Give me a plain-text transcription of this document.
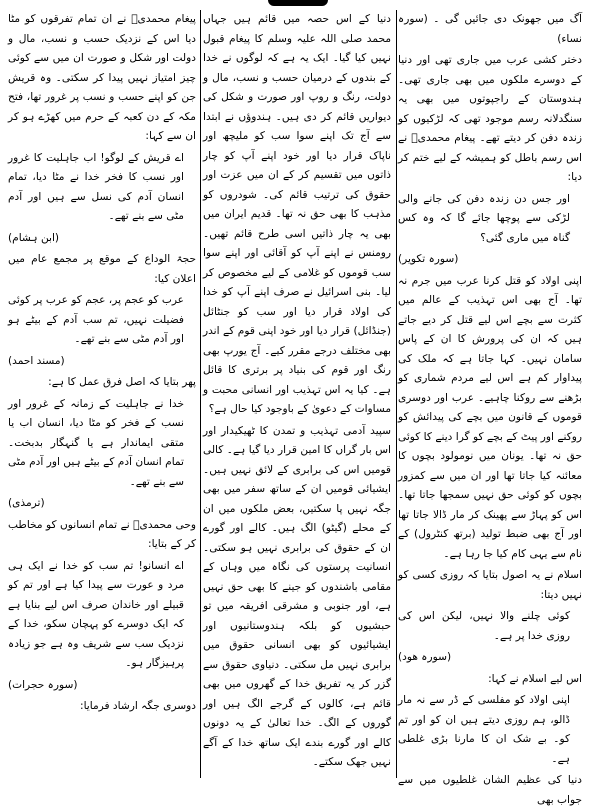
آگ میں جھونک دی جائیں گی ۔ (سورہ نساء)

دختر کشی عرب میں جاری تھی اور دنیا کے دوسرے ملکوں میں بھی جاری تھی۔ ہندوستان کے راجپوتوں میں بھی یہ سنگدلانہ رسم موجود تھی کہ لڑکیوں کو زندہ دفن کر دیتے تھے۔ پیغام محمدیؐ نے اس رسم باطل کو ہمیشہ کے لیے ختم کر دیا:

اور جس دن زندہ دفن کی جانے والی لڑکی سے پوچھا جائے گا کہ وہ کس گناہ میں ماری گئی؟

(سورہ تکویر)

اپنی اولاد کو قتل کرنا عرب میں جرم نہ تھا۔ آج بھی اس تہذیب کے عالم میں کثرت سے بچے اس لیے قتل کر دیے جاتے ہیں کہ ان کی پرورش کا ان کے پاس سامان نہیں۔ کہا جاتا ہے کہ ملک کی پیداوار کم ہے اس لیے مردم شماری کو بڑھنے سے روکنا چاہیے۔ عرب اور دوسری قوموں کے قانون میں بچے کی پیدائش کو روکنے اور پیٹ کے بچے کو گرا دینے کا کوئی حق نہ تھا۔ یونان میں نومولود بچوں کا معائنہ کیا جاتا تھا اور ان میں سے کمزور بچوں کو کوئی حق نہیں سمجھا جاتا تھا۔ اس کو پہاڑ سے پھینک کر مار ڈالا جاتا تھا اور آج بھی ضبط تولید (برتھ کنٹرول) کے نام سے یہی کام کیا جا رہا ہے۔

اسلام نے یہ اصول بتایا کہ روزی کسی کو نہیں دیتا:

کوئی چلنے والا نہیں، لیکن اس کی روزی خدا پر ہے۔

(سورہ ھود)

اس لیے اسلام نے کہا:

اپنی اولاد کو مفلسی کے ڈر سے نہ مار ڈالو، ہم روزی دیتے ہیں ان کو اور تم کو۔ بے شک ان کا مارنا بڑی غلطی ہے۔

دنیا کی عظیم الشان غلطیوں میں سے جواب بھی

دنیا کے اس حصہ میں قائم ہیں جہاں محمد صلی اللہ علیہ وسلم کا پیغام قبول نہیں کیا گیا۔ ایک یہ ہے کہ لوگوں نے خدا کے بندوں کے درمیان حسب و نسب، مال و دولت، رنگ و روپ اور صورت و شکل کی دیواریں قائم کر دی ہیں۔ ہندوؤں نے ابتدا سے آج تک اپنے سوا سب کو ملیچھ اور ناپاک قرار دیا اور خود اپنے آپ کو چار ذاتوں میں تقسیم کر کے ان میں عزت اور حقوق کی ترتیب قائم کی۔ شودروں کو مذہب کا بھی حق نہ تھا۔ قدیم ایران میں بھی یہ چار ذاتیں اسی طرح قائم تھیں۔ رومنس نے اپنے آپ کو آقائی اور اپنے سوا سب قوموں کو غلامی کے لیے مخصوص کر لیا۔ بنی اسرائیل نے صرف اپنے آپ کو خدا کی اولاد قرار دیا اور سب کو جنٹائل (جنڈائل) قرار دیا اور خود اپنی قوم کے اندر بھی مختلف درجے مقرر کیے۔ آج یورپ بھی رنگ اور قوم کی بنیاد پر برتری کا قائل ہے۔ کیا یہ اس تہذیب اور انسانی محبت و مساوات کے دعویٰ کے باوجود کیا حال ہے؟

سپید آدمی تہذیب و تمدن کا ٹھیکیدار اور اس بار گراں کا امین قرار دیا گیا ہے۔ کالی قومیں اس کی برابری کے لائق نہیں ہیں۔ ایشیائی قومیں ان کے ساتھ سفر میں بھی جگہ نہیں پا سکتیں، بعض ملکوں میں ان کے محلے (گیٹو) الگ ہیں۔ کالے اور گورے ان کے حقوق کی برابری نہیں ہو سکتی۔ انسانیت پرستوں کی نگاہ میں وہاں کے مقامی باشندوں کو جینے کا بھی حق نہیں ہے، اور جنوبی و مشرقی افریقہ میں تو حبشیوں کو بلکہ ہندوستانیوں اور ایشیائیوں کو بھی انسانی حقوق میں برابری نہیں مل سکتی۔ دنیاوی حقوق سے گزر کر یہ تفریق خدا کے گھروں میں بھی قائم ہے، کالوں کے گرجے الگ ہیں اور گوروں کے الگ۔ خدا تعالیٰ کے یہ دونوں کالے اور گورے بندے ایک ساتھ خدا کے آگے نہیں جھک سکتے۔

پیغام محمدیؐ نے ان تمام تفرقوں کو مٹا دیا اس کے نزدیک حسب و نسب، مال و دولت اور شکل و صورت ان میں سے کوئی چیز امتیاز نہیں پیدا کر سکتی۔ وہ قریش جن کو اپنے حسب و نسب پر غرور تھا، فتح مکہ کے دن کعبہ کے حرم میں کھڑے ہو کر ان سے کہا:

اے قریش کے لوگو! اب جاہلیت کا غرور اور نسب کا فخر خدا نے مٹا دیا، تمام انسان آدم کی نسل سے ہیں اور آدم مٹی سے بنے تھے۔

(ابن ہشام)

حجۃ الوداع کے موقع پر مجمع عام میں اعلان کیا:

عرب کو عجم پر، عجم کو عرب پر کوئی فضیلت نہیں، تم سب آدم کے بیٹے ہو اور آدم مٹی سے بنے تھے۔

(مسند احمد)

پھر بتایا کہ اصل فرق عمل کا ہے:

خدا نے جاہلیت کے زمانہ کے غرور اور نسب کے فخر کو مٹا دیا، انسان اب یا متقی ایماندار ہے یا گنہگار بدبخت۔ تمام انسان آدم کے بیٹے ہیں اور آدم مٹی سے بنے تھے۔

(ترمذی)

وحی محمدیؐ نے تمام انسانوں کو مخاطب کر کے بتایا:

اے انسانو! تم سب کو خدا نے ایک ہی مرد و عورت سے پیدا کیا ہے اور تم کو قبیلے اور خاندان صرف اس لیے بنایا ہے کہ ایک دوسرے کو پہچان سکو، خدا کے نزدیک سب سے شریف وہ ہے جو زیادہ پرہیزگار ہو۔

(سورہ حجرات)

دوسری جگہ ارشاد فرمایا:
